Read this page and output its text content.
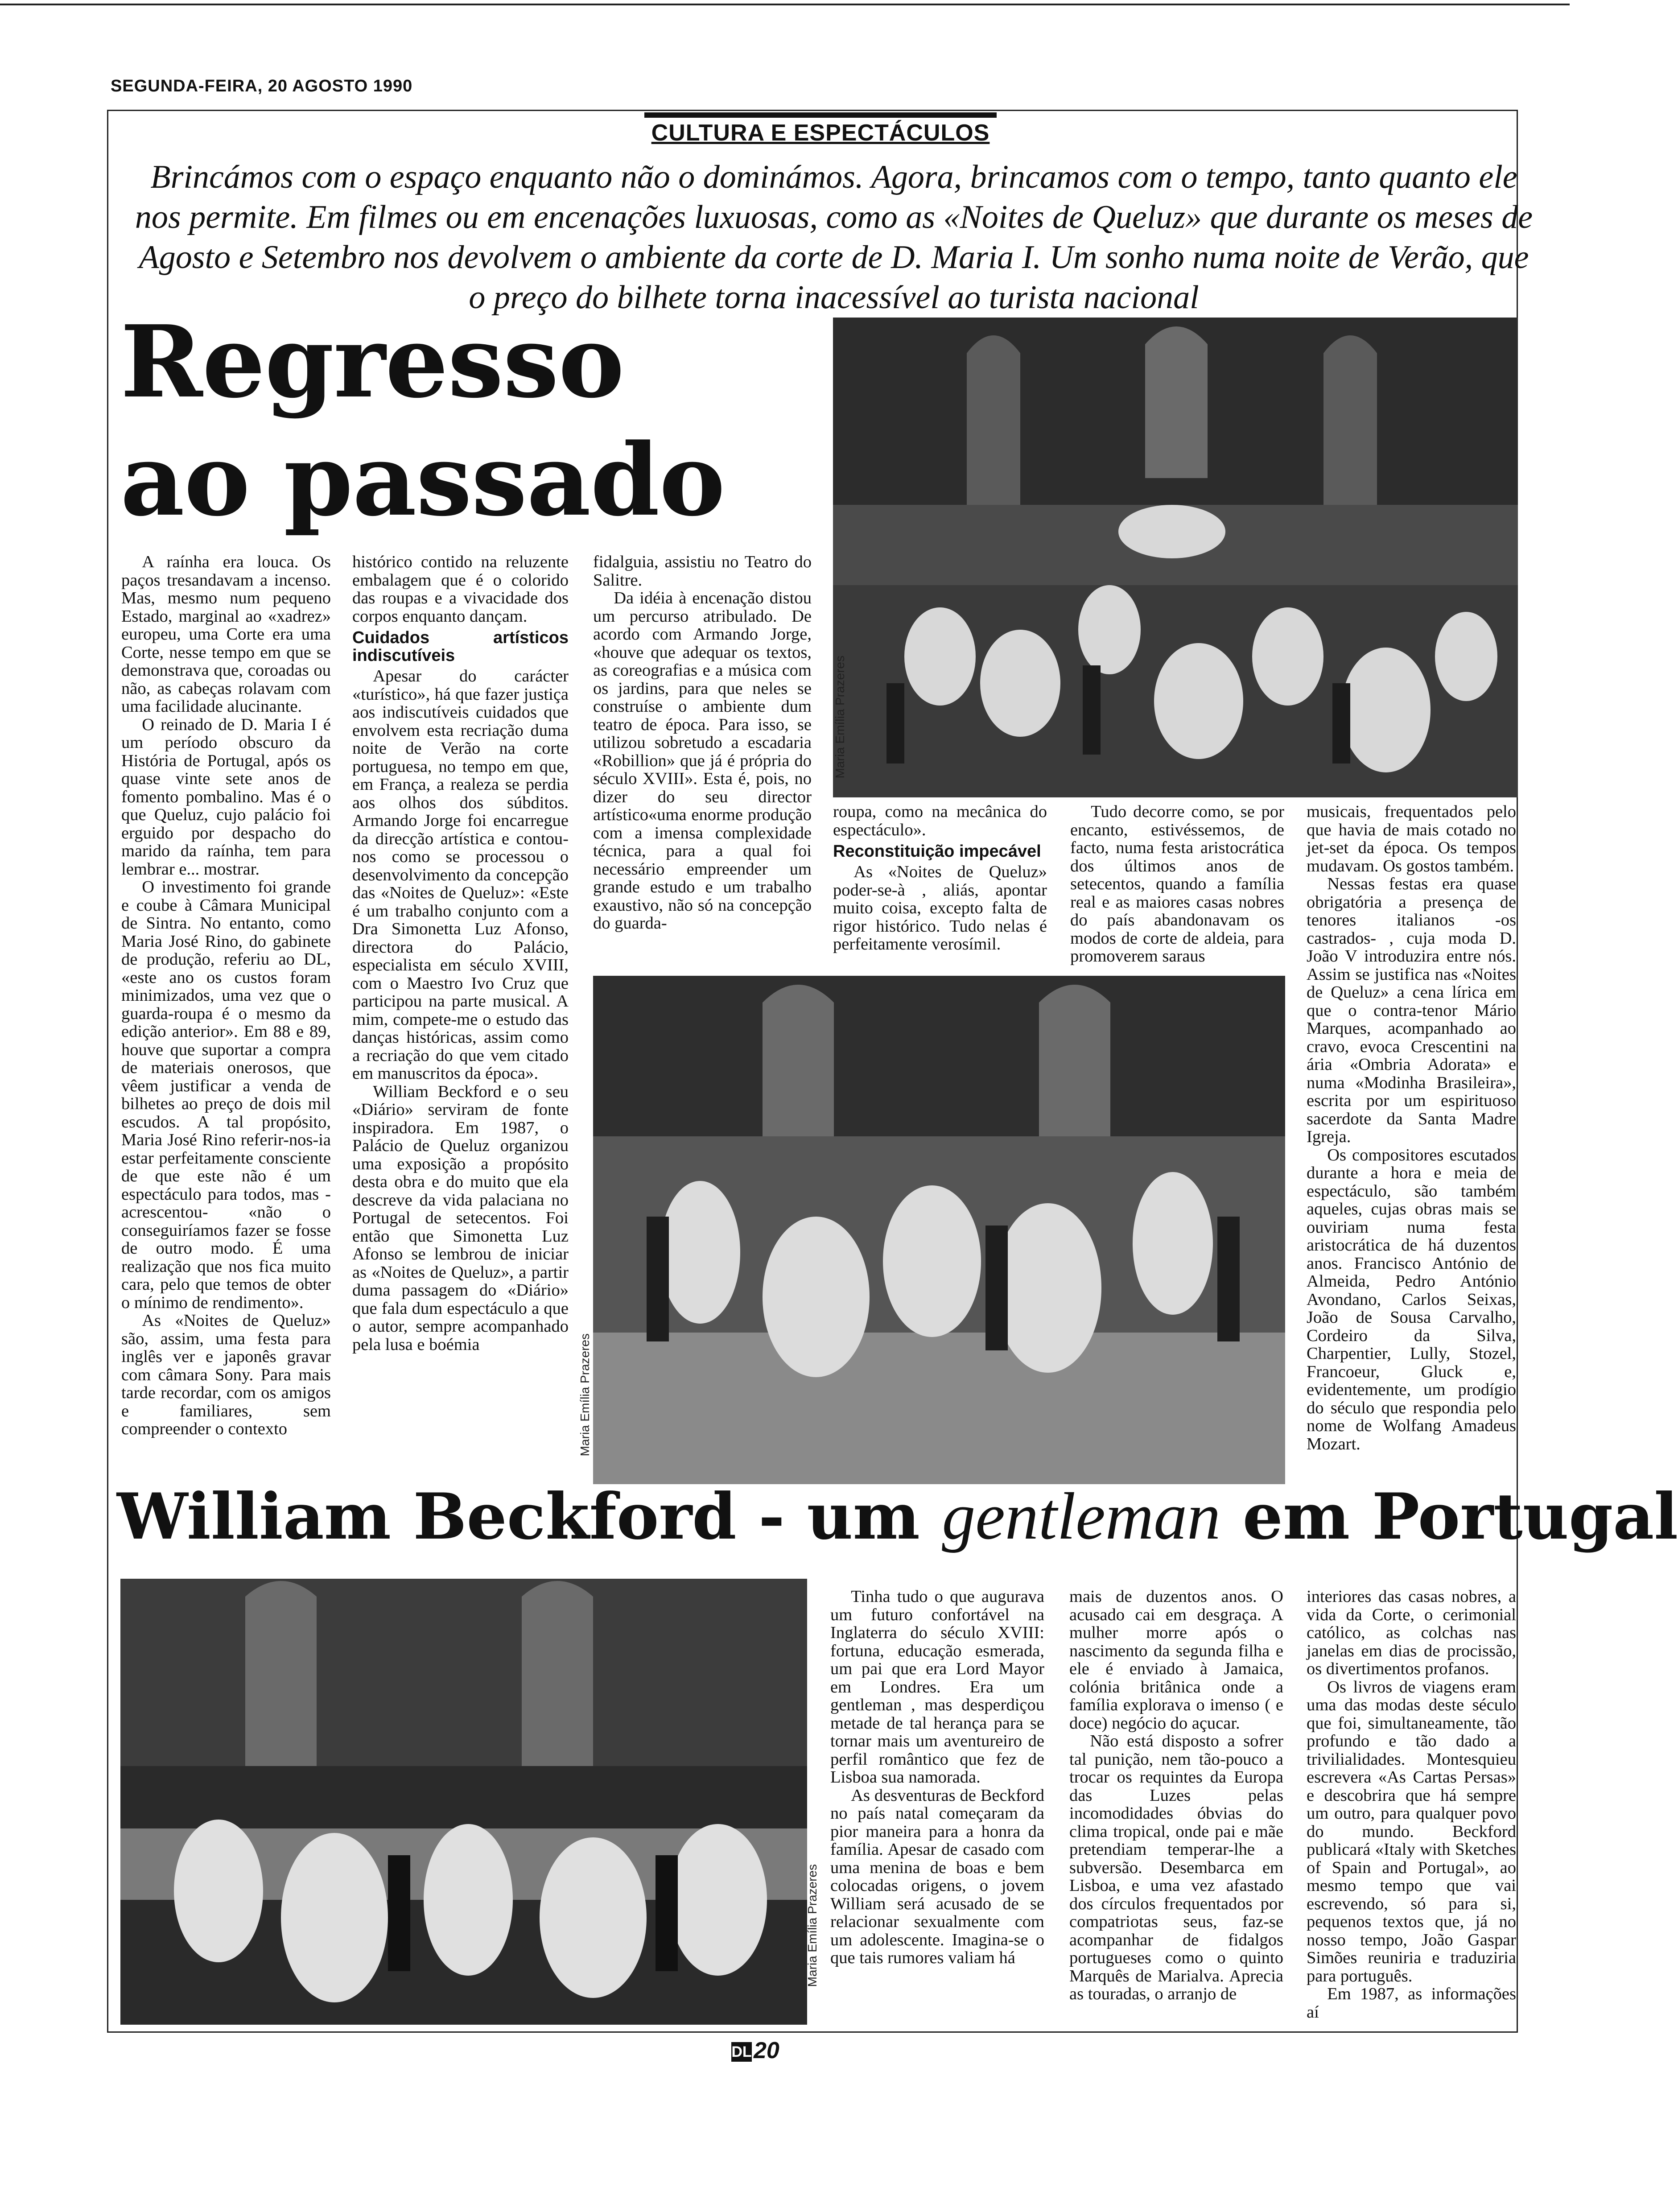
SEGUNDA-FEIRA, 20 AGOSTO 1990
CULTURA E ESPECTÁCULOS
Brincámos com o espaço enquanto não o dominámos. Agora, brincamos com o tempo, tanto quanto ele nos permite. Em filmes ou em encenações luxuosas, como as «Noites de Queluz» que durante os meses de Agosto e Setembro nos devolvem o ambiente da corte de D. Maria I. Um sonho numa noite de Verão, que o preço do bilhete torna inacessível ao turista nacional
Regresso
ao passado
Maria Emília Prazeres
Maria Emília Prazeres

A raínha era louca. Os paços tresandavam a incenso. Mas, mesmo num pequeno Estado, marginal ao «xadrez» europeu, uma Corte era uma Corte, nesse tempo em que se demonstrava que, coroadas ou não, as cabeças rolavam com uma facilidade alucinante.

O reinado de D. Maria I é um período obscuro da História de Portugal, após os quase vinte sete anos de fomento pombalino. Mas é o que Queluz, cujo palácio foi erguido por despacho do marido da raínha, tem para lembrar e... mostrar.

O investimento foi grande e coube à Câmara Municipal de Sintra. No entanto, como Maria José Rino, do gabinete de produção, referiu ao DL, «este ano os custos foram minimizados, uma vez que o guarda-roupa é o mesmo da edição anterior». Em 88 e 89, houve que suportar a compra de materiais onerosos, que vêem justificar a venda de bilhetes ao preço de dois mil escudos. A tal propósito, Maria José Rino referir-nos-ia estar perfeitamente consciente de que este não é um espectáculo para todos, mas -acrescentou- «não o conseguiríamos fazer se fosse de outro modo. É uma realização que nos fica muito cara, pelo que temos de obter o mínimo de rendimento».

As «Noites de Queluz» são, assim, uma festa para inglês ver e japonês gravar com câmara Sony. Para mais tarde recordar, com os amigos e familiares, sem compreender o contexto

histórico contido na reluzente embalagem que é o colorido das roupas e a vivacidade dos corpos enquanto dançam.

Cuidados artísticos indiscutíveis

Apesar do carácter «turístico», há que fazer justiça aos indiscutíveis cuidados que envolvem esta recriação duma noite de Verão na corte portuguesa, no tempo em que, em França, a realeza se perdia aos olhos dos súbditos. Armando Jorge foi encarregue da direcção artística e contou-nos como se processou o desenvolvimento da concepção das «Noites de Queluz»: «Este é um trabalho conjunto com a Dra Simonetta Luz Afonso, directora do Palácio, especialista em século XVIII, com o Maestro Ivo Cruz que participou na parte musical. A mim, compete-me o estudo das danças históricas, assim como a recriação do que vem citado em manuscritos da época».

William Beckford e o seu «Diário» serviram de fonte inspiradora. Em 1987, o Palácio de Queluz organizou uma exposição a propósito desta obra e do muito que ela descreve da vida palaciana no Portugal de setecentos. Foi então que Simonetta Luz Afonso se lembrou de iniciar as «Noites de Queluz», a partir duma passagem do «Diário» que fala dum espectáculo a que o autor, sempre acompanhado pela lusa e boémia

fidalguia, assistiu no Teatro do Salitre.

Da idéia à encenação distou um percurso atribulado. De acordo com Armando Jorge, «houve que adequar os textos, as coreografias e a música com os jardins, para que neles se construíse o ambiente dum teatro de época. Para isso, se utilizou sobretudo a escadaria «Robillion» que já é própria do século XVIII». Esta é, pois, no dizer do seu director artístico«uma enorme produção com a imensa complexidade técnica, para a qual foi necessário empreender um grande estudo e um trabalho exaustivo, não só na concepção do guarda-

roupa, como na mecânica do espectáculo».

Reconstituição impecável

As «Noites de Queluz» poder-se-à , aliás, apontar muito coisa, excepto falta de rigor histórico. Tudo nelas é perfeitamente verosímil.

Tudo decorre como, se por encanto, estivéssemos, de facto, numa festa aristocrática dos últimos anos de setecentos, quando a família real e as maiores casas nobres do país abandonavam os modos de corte de aldeia, para promoverem saraus

musicais, frequentados pelo que havia de mais cotado no jet-set da época. Os tempos mudavam. Os gostos também.

Nessas festas era quase obrigatória a presença de tenores italianos -os castrados- , cuja moda D. João V introduzira entre nós. Assim se justifica nas «Noites de Queluz» a cena lírica em que o contra-tenor Mário Marques, acompanhado ao cravo, evoca Crescentini na ária «Ombria Adorata» e numa «Modinha Brasileira», escrita por um espirituoso sacerdote da Santa Madre Igreja.

Os compositores escutados durante a hora e meia de espectáculo, são também aqueles, cujas obras mais se ouviriam numa festa aristocrática de há duzentos anos. Francisco António de Almeida, Pedro António Avondano, Carlos Seixas, João de Sousa Carvalho, Cordeiro da Silva, Charpentier, Lully, Stozel, Francoeur, Gluck e, evidentemente, um prodígio do século que respondia pelo nome de Wolfang Amadeus Mozart.

William Beckford - um gentleman em Portugal
Maria Emília Prazeres

Tinha tudo o que augurava um futuro confortável na Inglaterra do século XVIII: fortuna, educação esmerada, um pai que era Lord Mayor em Londres. Era um gentleman , mas desperdiçou metade de tal herança para se tornar mais um aventureiro de perfil romântico que fez de Lisboa sua namorada.

As desventuras de Beckford no país natal começaram da pior maneira para a honra da família. Apesar de casado com uma menina de boas e bem colocadas origens, o jovem William será acusado de se relacionar sexualmente com um adolescente. Imagina-se o que tais rumores valiam há

mais de duzentos anos. O acusado cai em desgraça. A mulher morre após o nascimento da segunda filha e ele é enviado à Jamaica, colónia britânica onde a família explorava o imenso ( e doce) negócio do açucar.

Não está disposto a sofrer tal punição, nem tão-pouco a trocar os requintes da Europa das Luzes pelas incomodidades óbvias do clima tropical, onde pai e mãe pretendiam temperar-lhe a subversão. Desembarca em Lisboa, e uma vez afastado dos círculos frequentados por compatriotas seus, faz-se acompanhar de fidalgos portugueses como o quinto Marquês de Marialva. Aprecia as touradas, o arranjo de

interiores das casas nobres, a vida da Corte, o cerimonial católico, as colchas nas janelas em dias de procissão, os divertimentos profanos.

Os livros de viagens eram uma das modas deste século que foi, simultaneamente, tão profundo e tão dado a trivilialidades. Montesquieu escrevera «As Cartas Persas» e descobrira que há sempre um outro, para qualquer povo do mundo. Beckford publicará «Italy with Sketches of Spain and Portugal», ao mesmo tempo que vai escrevendo, só para si, pequenos textos que, já no nosso tempo, João Gaspar Simões reuniria e traduziria para português.

Em 1987, as informações aí

DL20
